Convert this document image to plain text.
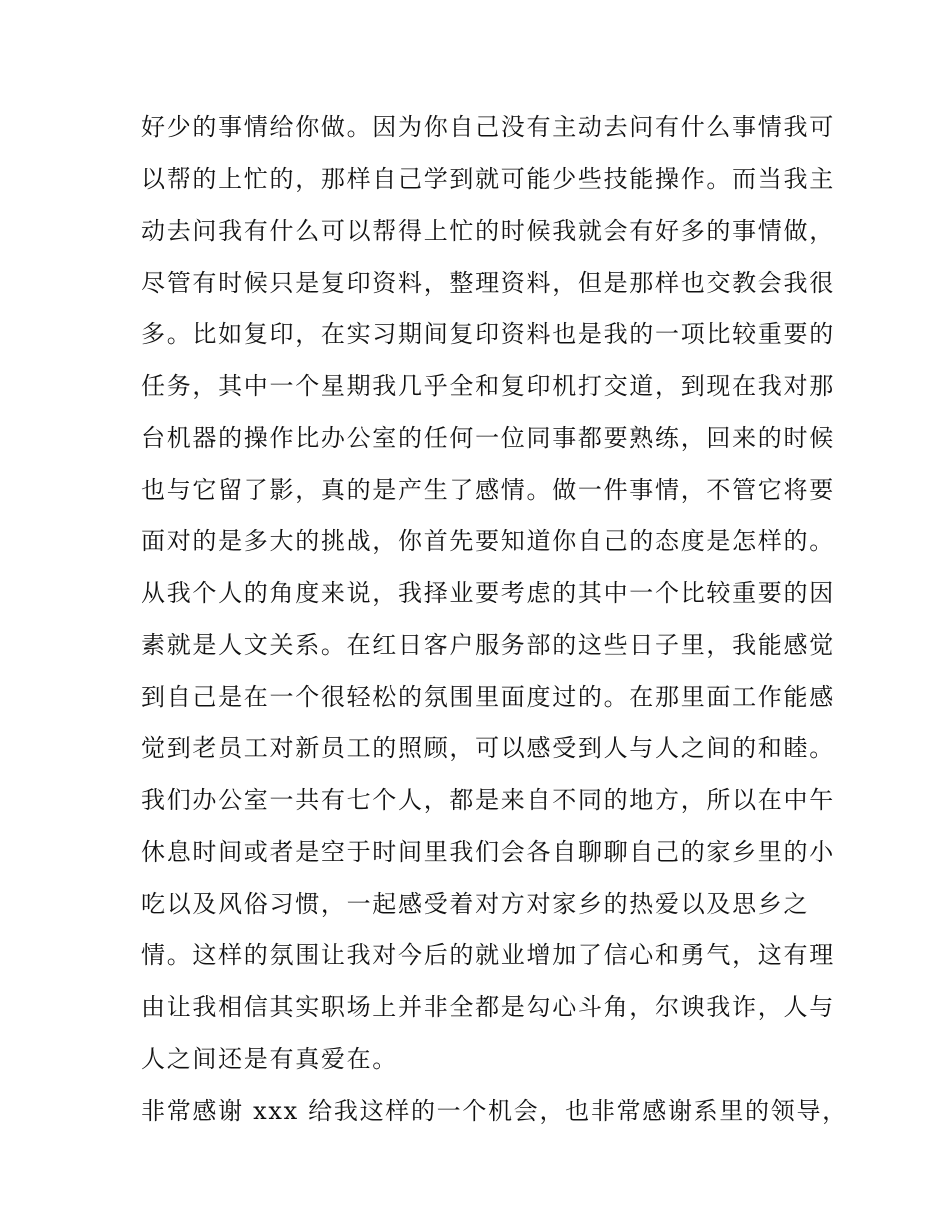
好少的事情给你做。因为你自己没有主动去问有什么事情我可
以帮的上忙的，那样自己学到就可能少些技能操作。而当我主
动去问我有什么可以帮得上忙的时候我就会有好多的事情做，
尽管有时候只是复印资料，整理资料，但是那样也交教会我很
多。比如复印，在实习期间复印资料也是我的一项比较重要的
任务，其中一个星期我几乎全和复印机打交道，到现在我对那
台机器的操作比办公室的任何一位同事都要熟练，回来的时候
也与它留了影，真的是产生了感情。做一件事情，不管它将要
面对的是多大的挑战，你首先要知道你自己的态度是怎样的。
从我个人的角度来说，我择业要考虑的其中一个比较重要的因
素就是人文关系。在红日客户服务部的这些日子里，我能感觉
到自己是在一个很轻松的氛围里面度过的。在那里面工作能感
觉到老员工对新员工的照顾，可以感受到人与人之间的和睦。
我们办公室一共有七个人，都是来自不同的地方，所以在中午
休息时间或者是空于时间里我们会各自聊聊自己的家乡里的小
吃以及风俗习惯，一起感受着对方对家乡的热爱以及思乡之
情。这样的氛围让我对今后的就业增加了信心和勇气，这有理
由让我相信其实职场上并非全都是勾心斗角，尔谀我诈，人与
人之间还是有真爱在。
非常感谢 xxx 给我这样的一个机会，也非常感谢系里的领导，
